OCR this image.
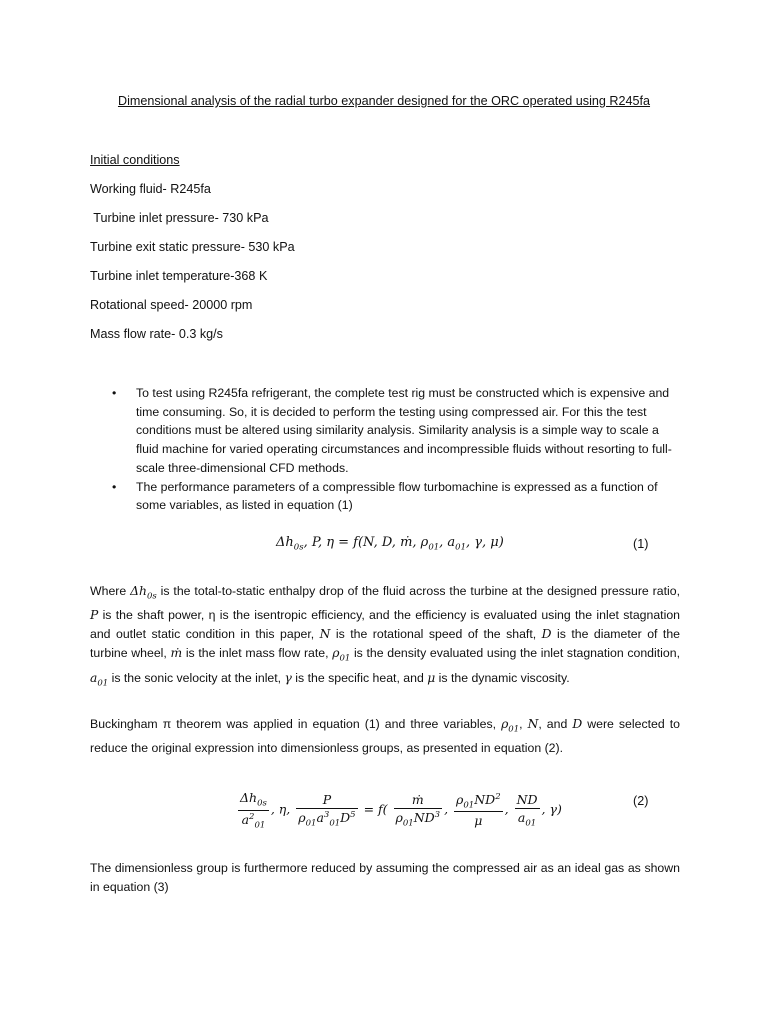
Dimensional analysis of the radial turbo expander designed for the ORC operated using R245fa
Initial conditions
Working fluid- R245fa
Turbine inlet pressure- 730 kPa
Turbine exit static pressure- 530 kPa
Turbine inlet temperature-368 K
Rotational speed- 20000 rpm
Mass flow rate- 0.3 kg/s
• To test using R245fa refrigerant, the complete test rig must be constructed which is expensive and time consuming. So, it is decided to perform the testing using compressed air. For this the test conditions must be altered using similarity analysis. Similarity analysis is a simple way to scale a fluid machine for varied operating circumstances and incompressible fluids without resorting to full-scale three-dimensional CFD methods.
• The performance parameters of a compressible flow turbomachine is expressed as a function of some variables, as listed in equation (1)
$\Delta h_{0s}$, P, η = f(N, D, ṁ, $\rho_{01}$, $a_{01}$, γ, μ)	(1)
Where $\Delta h_{0s}$ is the total-to-static enthalpy drop of the fluid across the turbine at the designed pressure ratio, P is the shaft power, η is the isentropic efficiency, and the efficiency is evaluated using the inlet stagnation and outlet static condition in this paper, N is the rotational speed of the shaft, D is the diameter of the turbine wheel, ṁ is the inlet mass flow rate, $\rho_{01}$ is the density evaluated using the inlet stagnation condition, $a_{01}$ is the sonic velocity at the inlet, γ is the specific heat, and μ is the dynamic viscosity.
Buckingham π theorem was applied in equation (1) and three variables, $\rho_{01}$, N, and D were selected to reduce the original expression into dimensionless groups, as presented in equation (2).
$\frac{\Delta h_{0s}}{a^2_{01}}$ , η, $\frac{P}{\rho_{01}a^3_{01}D^5} = f( \frac{\text{ṁ}}{\rho_{01}ND^3}$ , $\frac{\rho_{01}ND^2}{\mu}$ , $\frac{ND}{a_{01}}$ , γ)
(2)
The dimensionless group is furthermore reduced by assuming the compressed air as an ideal gas as shown in equation (3)
